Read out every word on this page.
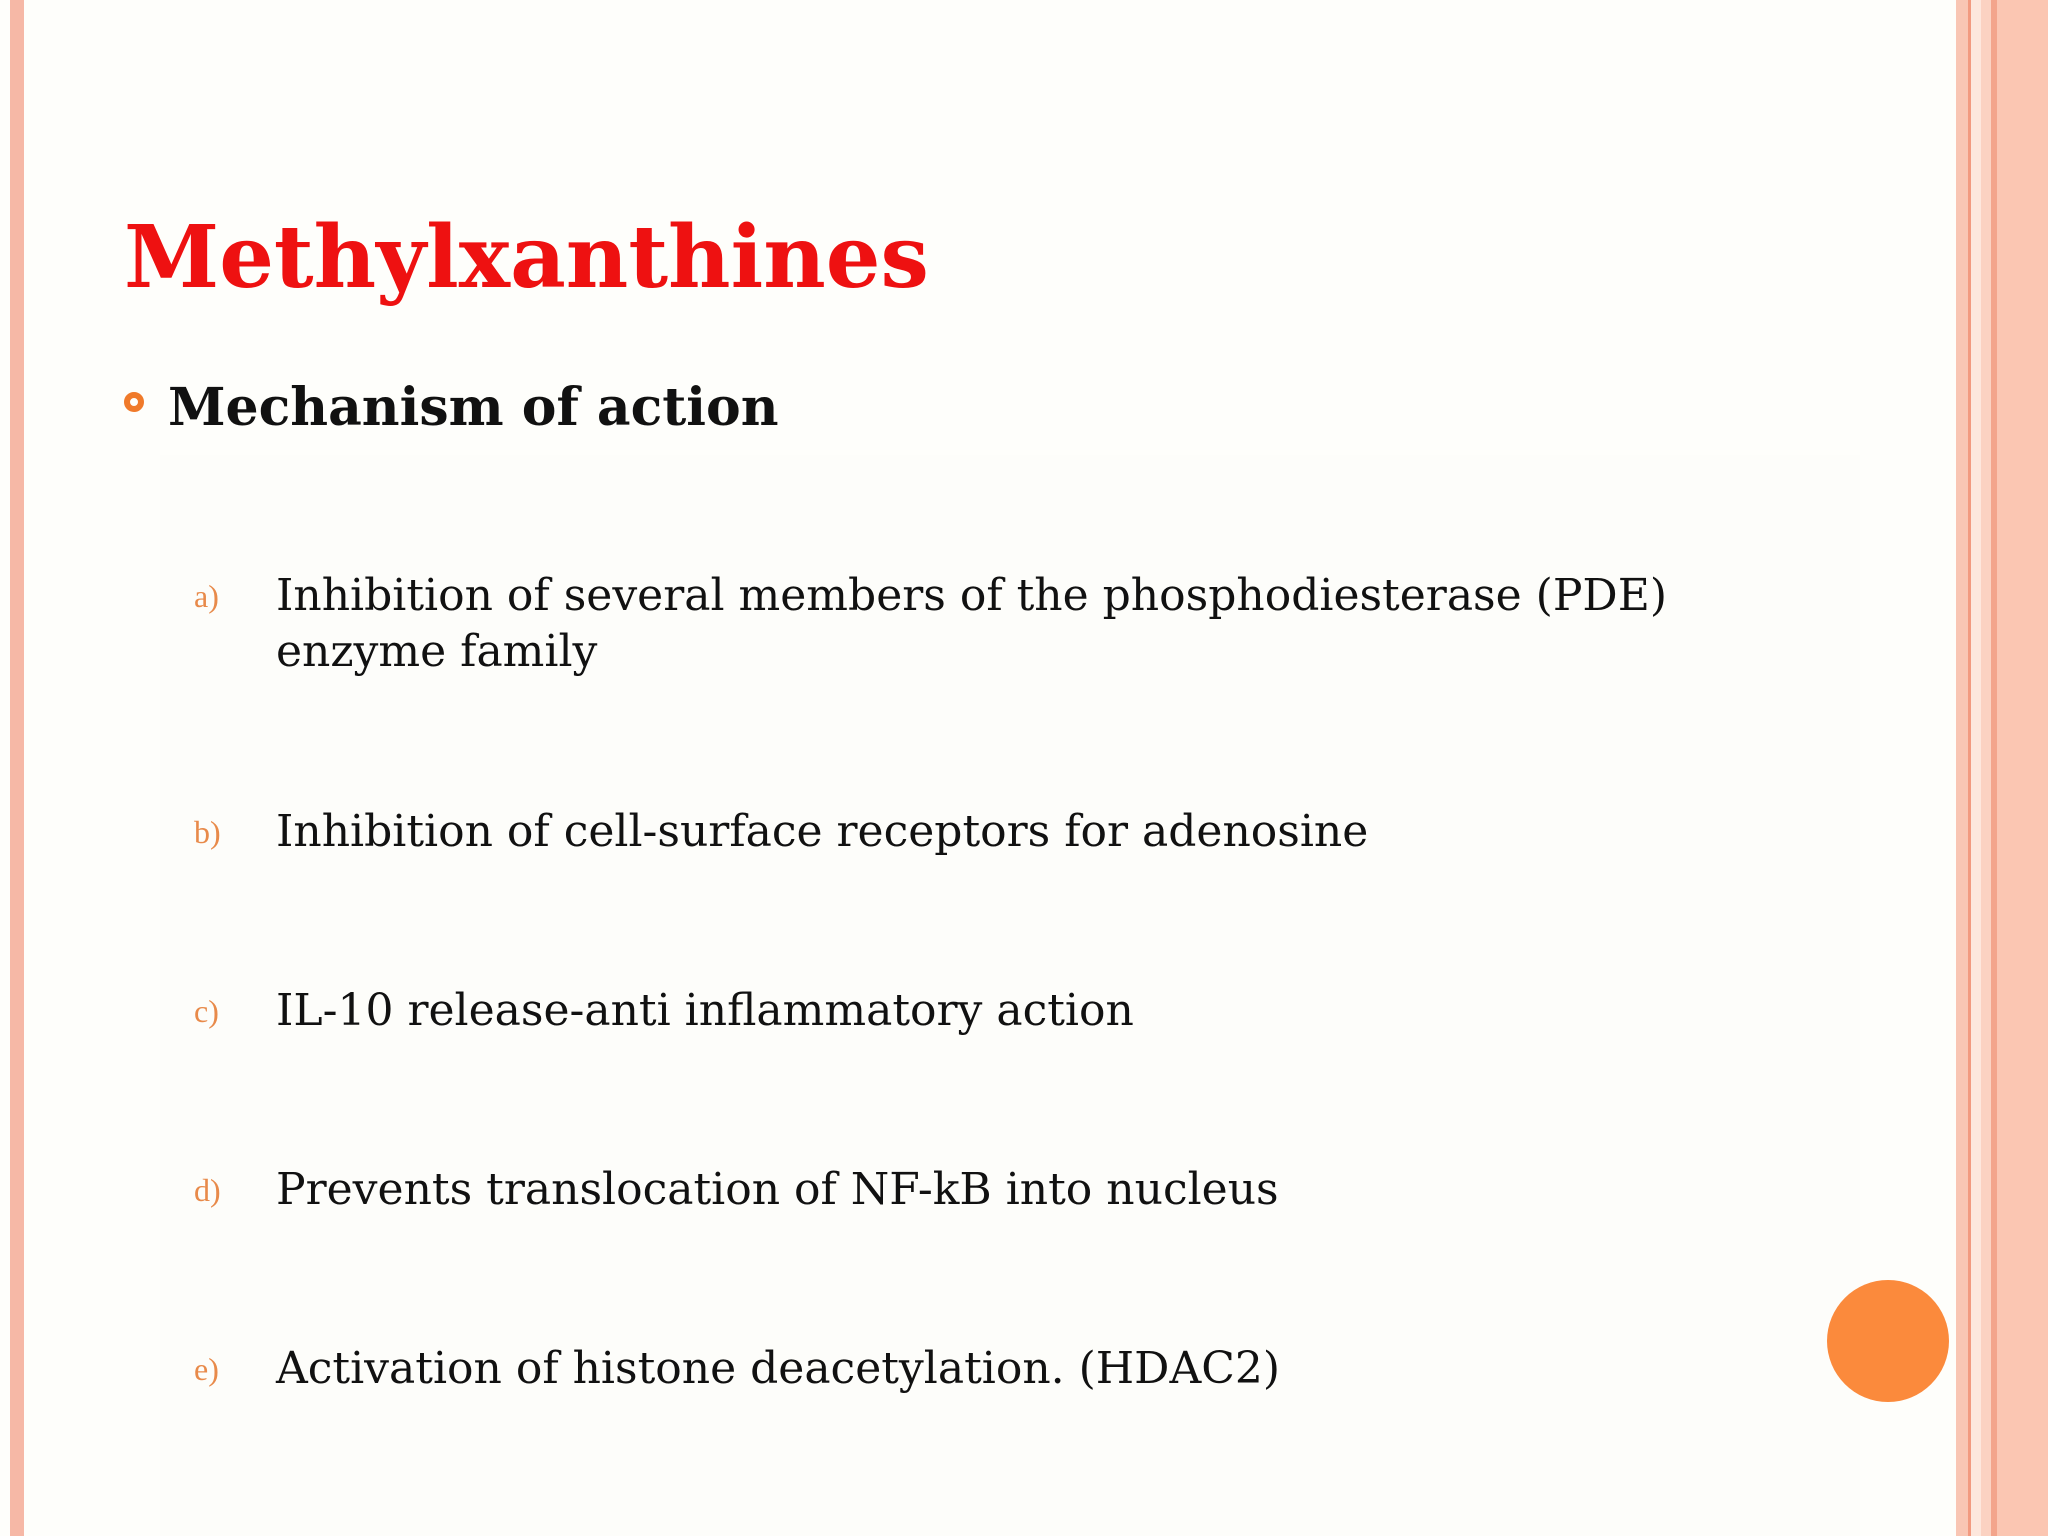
Methylxanthines
Mechanism of action
a)	Inhibition of several members of the phosphodiesterase (PDE) enzyme family
b)	Inhibition of cell-surface receptors for adenosine
c)	IL-10 release-anti inflammatory action
d)	Prevents translocation of NF-kB into nucleus
e)	Activation of histone deacetylation. (HDAC2)
